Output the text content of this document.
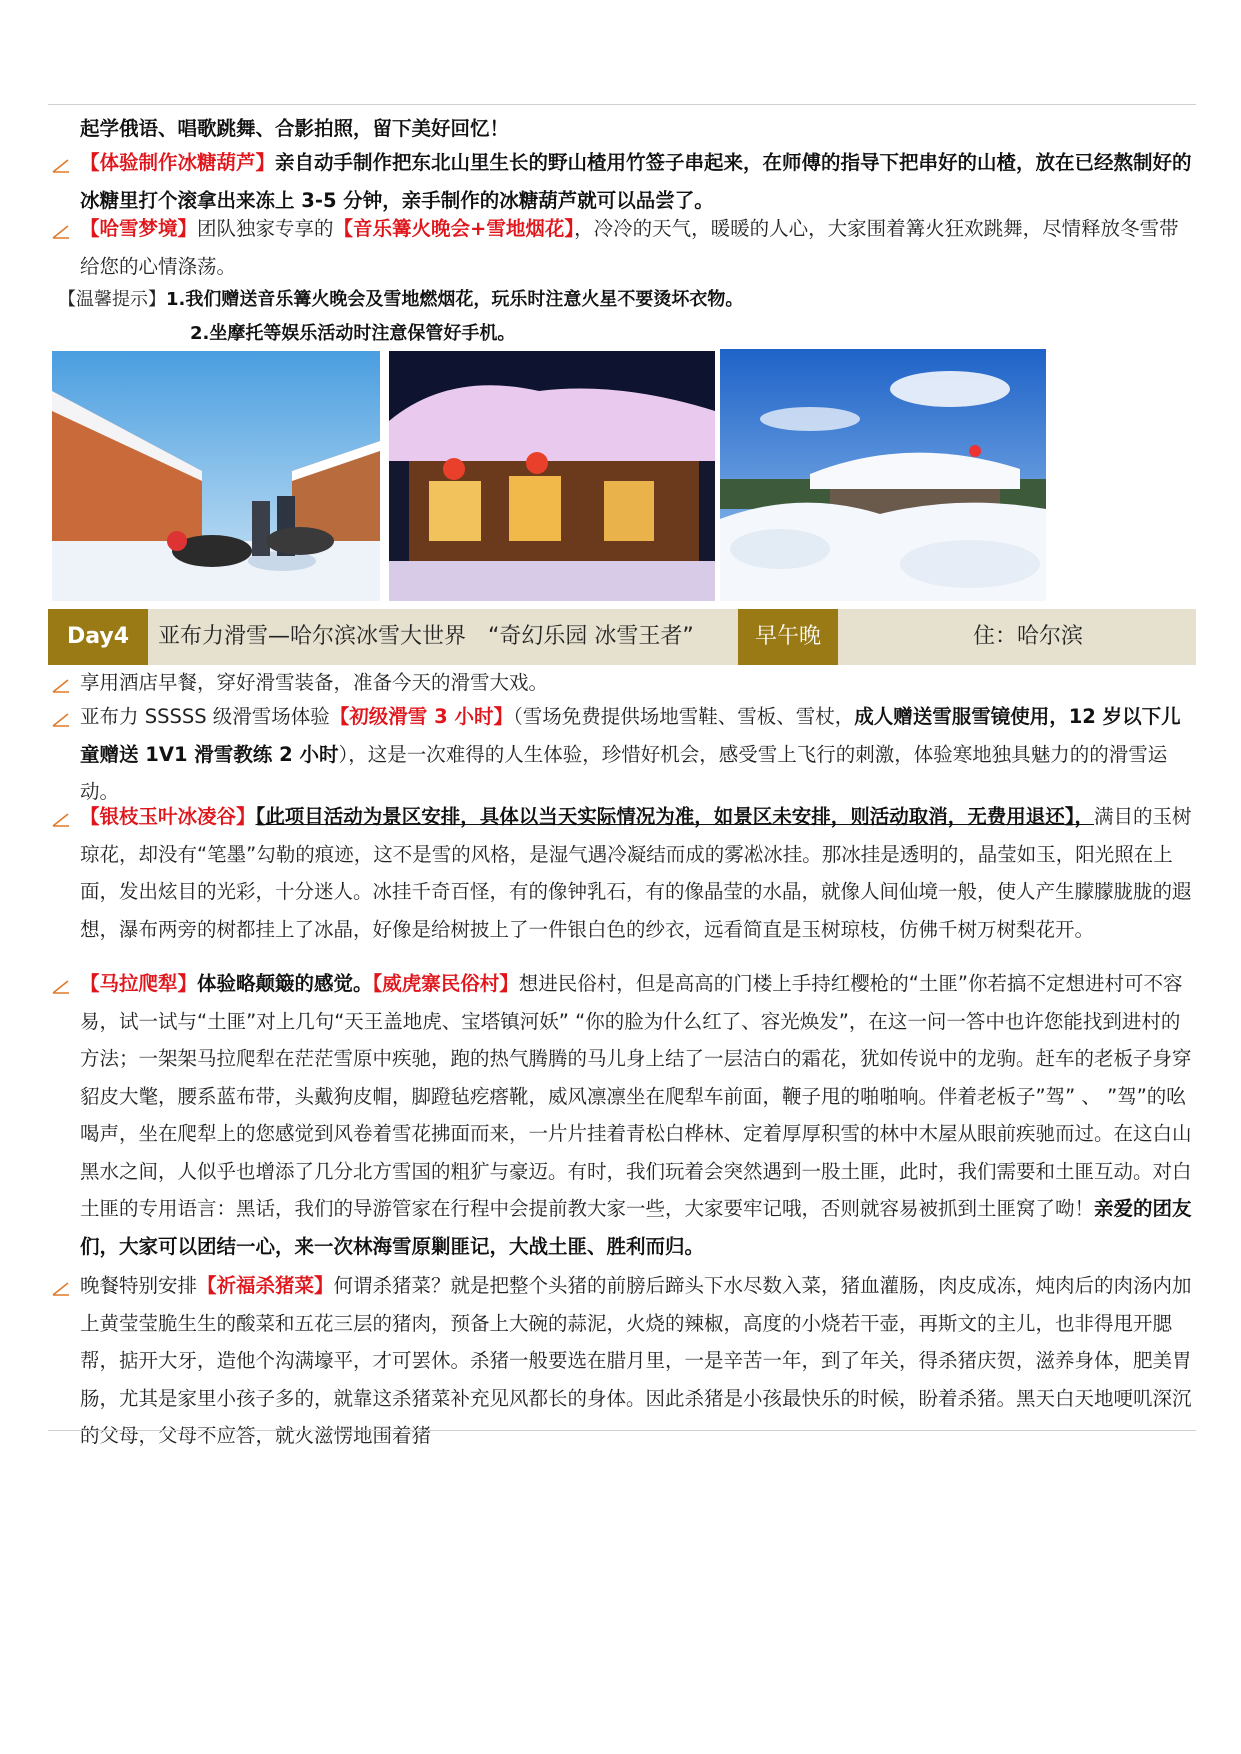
起学俄语、唱歌跳舞、合影拍照，留下美好回忆！
【体验制作冰糖葫芦】亲自动手制作把东北山里生长的野山楂用竹签子串起来，在师傅的指导下把串好的山楂，放在已经熬制好的冰糖里打个滚拿出来冻上 3-5 分钟，亲手制作的冰糖葫芦就可以品尝了。
【哈雪梦境】团队独家专享的【音乐篝火晚会+雪地烟花】，冷冷的天气，暖暖的人心，大家围着篝火狂欢跳舞，尽情释放冬雪带给您的心情涤荡。
【温馨提示】1.我们赠送音乐篝火晚会及雪地燃烟花，玩乐时注意火星不要烫坏衣物。
2.坐摩托等娱乐活动时注意保管好手机。
Day4	亚布力滑雪—哈尔滨冰雪大世界　“奇幻乐园 冰雪王者”	早午晚	住：哈尔滨
享用酒店早餐，穿好滑雪装备，准备今天的滑雪大戏。
亚布力 SSSSS 级滑雪场体验【初级滑雪 3 小时】（雪场免费提供场地雪鞋、雪板、雪杖，成人赠送雪服雪镜使用，12 岁以下儿童赠送 1V1 滑雪教练 2 小时），这是一次难得的人生体验，珍惜好机会，感受雪上飞行的刺激，体验寒地独具魅力的的滑雪运动。
【银枝玉叶冰凌谷】【此项目活动为景区安排，具体以当天实际情况为准，如景区未安排，则活动取消，无费用退还】，满目的玉树琼花，却没有“笔墨”勾勒的痕迹，这不是雪的风格，是湿气遇冷凝结而成的雾凇冰挂。那冰挂是透明的，晶莹如玉，阳光照在上面，发出炫目的光彩，十分迷人。冰挂千奇百怪，有的像钟乳石，有的像晶莹的水晶，就像人间仙境一般，使人产生朦朦胧胧的遐想，瀑布两旁的树都挂上了冰晶，好像是给树披上了一件银白色的纱衣，远看简直是玉树琼枝，仿佛千树万树梨花开。
【马拉爬犁】体验略颠簸的感觉。【威虎寨民俗村】想进民俗村，但是高高的门楼上手持红樱枪的“土匪”你若搞不定想进村可不容易，试一试与“土匪”对上几句“天王盖地虎、宝塔镇河妖” “你的脸为什么红了、容光焕发”，在这一问一答中也许您能找到进村的方法；一架架马拉爬犁在茫茫雪原中疾驰，跑的热气腾腾的马儿身上结了一层洁白的霜花，犹如传说中的龙驹。赶车的老板子身穿貂皮大氅，腰系蓝布带，头戴狗皮帽，脚蹬毡疙瘩靴，威风凛凛坐在爬犁车前面，鞭子甩的啪啪响。伴着老板子”驾” 、 ”驾”的吆喝声，坐在爬犁上的您感觉到风卷着雪花拂面而来，一片片挂着青松白桦林、定着厚厚积雪的林中木屋从眼前疾驰而过。在这白山黑水之间，人似乎也增添了几分北方雪国的粗犷与豪迈。有时，我们玩着会突然遇到一股土匪，此时，我们需要和土匪互动。对白土匪的专用语言：黑话，我们的导游管家在行程中会提前教大家一些，大家要牢记哦，否则就容易被抓到土匪窝了呦！亲爱的团友们，大家可以团结一心，来一次林海雪原剿匪记，大战土匪、胜利而归。
晚餐特别安排【祈福杀猪菜】何谓杀猪菜？就是把整个头猪的前膀后蹄头下水尽数入菜，猪血灌肠，肉皮成冻，炖肉后的肉汤内加上黄莹莹脆生生的酸菜和五花三层的猪肉，预备上大碗的蒜泥，火烧的辣椒，高度的小烧若干壶，再斯文的主儿，也非得甩开腮帮，掂开大牙，造他个沟满壕平，才可罢休。杀猪一般要选在腊月里，一是辛苦一年，到了年关，得杀猪庆贺，滋养身体，肥美胃肠，尤其是家里小孩子多的，就靠这杀猪菜补充见风都长的身体。因此杀猪是小孩最快乐的时候，盼着杀猪。黑天白天地哽叽深沉的父母，父母不应答，就火滋愣地围着猪
